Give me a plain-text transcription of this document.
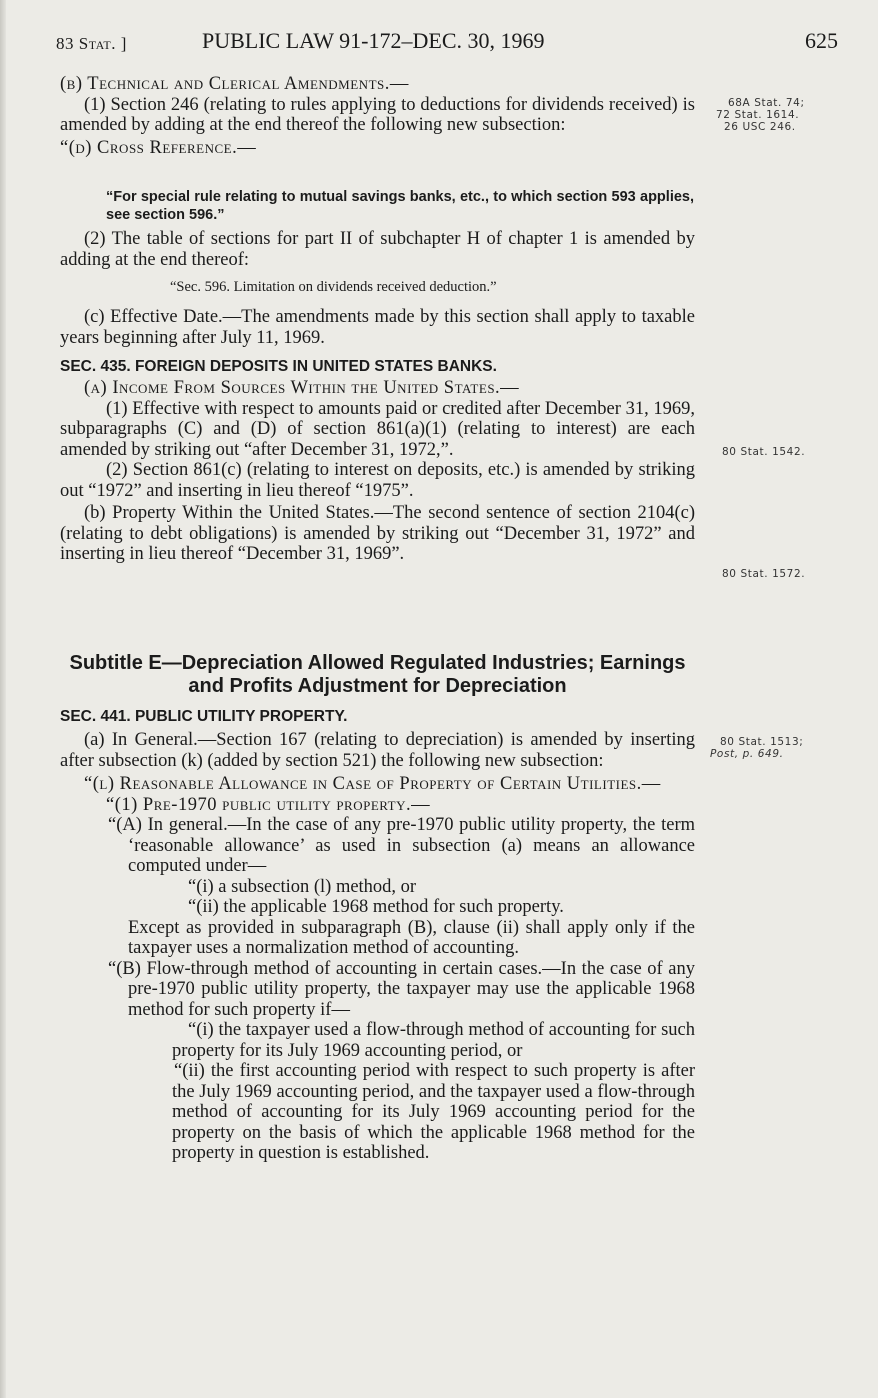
83 Stat. ]	PUBLIC LAW 91-172–DEC. 30, 1969	625
68A Stat. 74;
72 Stat. 1614.
26 USC 246.
80 Stat. 1542.
80 Stat. 1572.
80 Stat. 1513;
Post, p. 649.

(b) Technical and Clerical Amendments.—

(1) Section 246 (relating to rules applying to deductions for dividends received) is amended by adding at the end thereof the following new subsection:

“(d) Cross Reference.—

“For special rule relating to mutual savings banks, etc., to which section 593 applies, see section 596.”

(2) The table of sections for part II of subchapter H of chapter 1 is amended by adding at the end thereof:

“Sec. 596. Limitation on dividends received deduction.”

(c) Effective Date.—The amendments made by this section shall apply to taxable years beginning after July 11, 1969.

SEC. 435. FOREIGN DEPOSITS IN UNITED STATES BANKS.

(a) Income From Sources Within the United States.—

(1) Effective with respect to amounts paid or credited after December 31, 1969, subparagraphs (C) and (D) of section 861(a)(1) (relating to interest) are each amended by striking out “after December 31, 1972,”.

(2) Section 861(c) (relating to interest on deposits, etc.) is amended by striking out “1972” and inserting in lieu thereof “1975”.

(b) Property Within the United States.—The second sentence of section 2104(c) (relating to debt obligations) is amended by striking out “December 31, 1972” and inserting in lieu thereof “December 31, 1969”.

Subtitle E—Depreciation Allowed Regulated Industries; Earnings and Profits Adjustment for Depreciation
SEC. 441. PUBLIC UTILITY PROPERTY.

(a) In General.—Section 167 (relating to depreciation) is amended by inserting after subsection (k) (added by section 521) the following new subsection:

“(l) Reasonable Allowance in Case of Property of Certain Utilities.—

“(1) Pre-1970 public utility property.—

“(A) In general.—In the case of any pre-1970 public utility property, the term ‘reasonable allowance’ as used in subsection (a) means an allowance computed under—

“(i) a subsection (l) method, or

“(ii) the applicable 1968 method for such property.

Except as provided in subparagraph (B), clause (ii) shall apply only if the taxpayer uses a normalization method of accounting.

“(B) Flow-through method of accounting in certain cases.—In the case of any pre-1970 public utility property, the taxpayer may use the applicable 1968 method for such property if—

“(i) the taxpayer used a flow-through method of accounting for such property for its July 1969 accounting period, or

“(ii) the first accounting period with respect to such property is after the July 1969 accounting period, and the taxpayer used a flow-through method of accounting for its July 1969 accounting period for the property on the basis of which the applicable 1968 method for the property in question is established.
